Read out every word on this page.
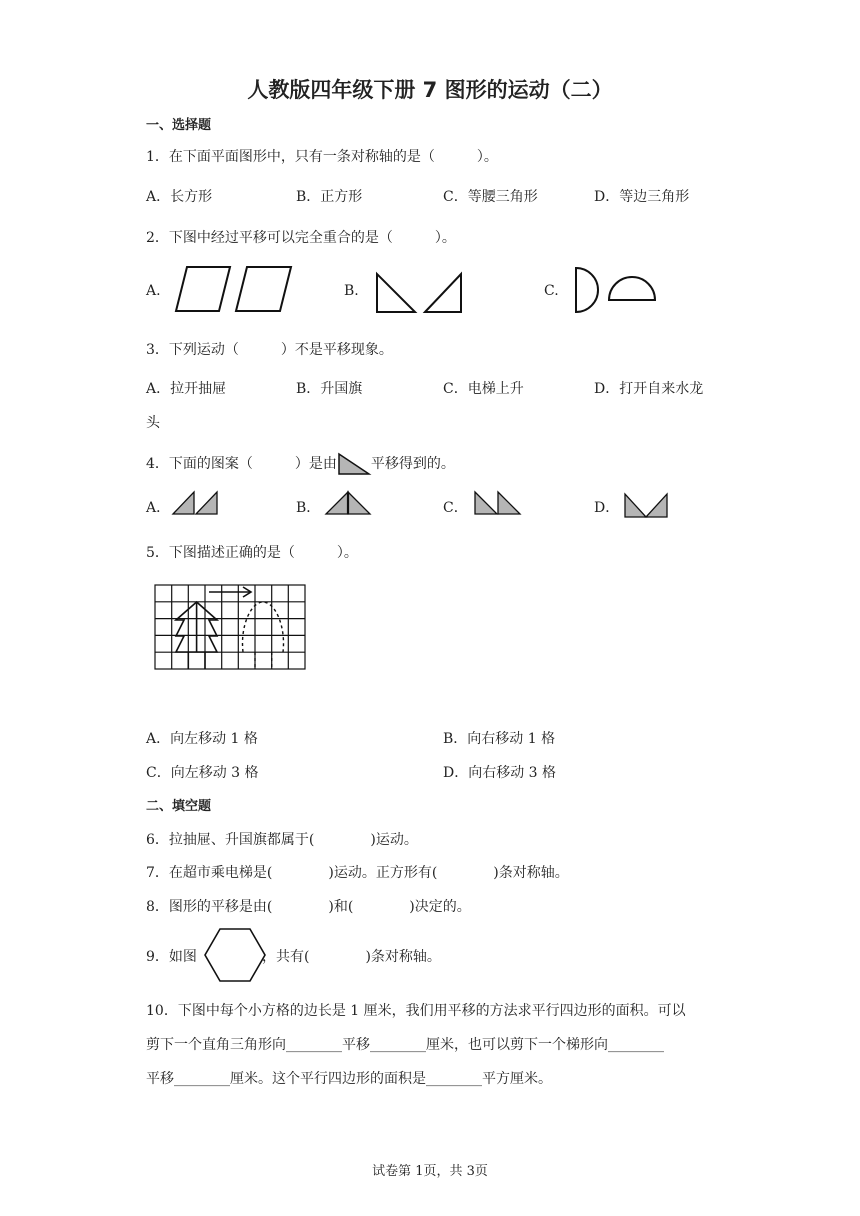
人教版四年级下册 7 图形的运动（二）
一、选择题
1．在下面平面图形中，只有一条对称轴的是（　　　）。
A．长方形	B．正方形	C．等腰三角形	D．等边三角形
2．下图中经过平移可以完全重合的是（　　　）。
A.	B.	C.
3．下列运动（　　　）不是平移现象。
A．拉开抽屉	B．升国旗	C．电梯上升	D．打开自来水龙
头
4．下面的图案（　　　）是由 平移得到的。
A．	B．	C．	D．
5．下图描述正确的是（　　　）。
A．向左移动 1 格	B．向右移动 1 格
C．向左移动 3 格	D．向右移动 3 格
二、填空题
6．拉抽屉、升国旗都属于(　　　　)运动。
7．在超市乘电梯是(　　　　)运动。正方形有(　　　　)条对称轴。
8．图形的平移是由(　　　　)和(　　　　)决定的。
9．如图	，共有(　　　　)条对称轴。
10．下图中每个小方格的边长是 1 厘米，我们用平移的方法求平行四边形的面积。可以
剪下一个直角三角形向________平移________厘米，也可以剪下一个梯形向________
平移________厘米。这个平行四边形的面积是________平方厘米。
试卷第 1页，共 3页
